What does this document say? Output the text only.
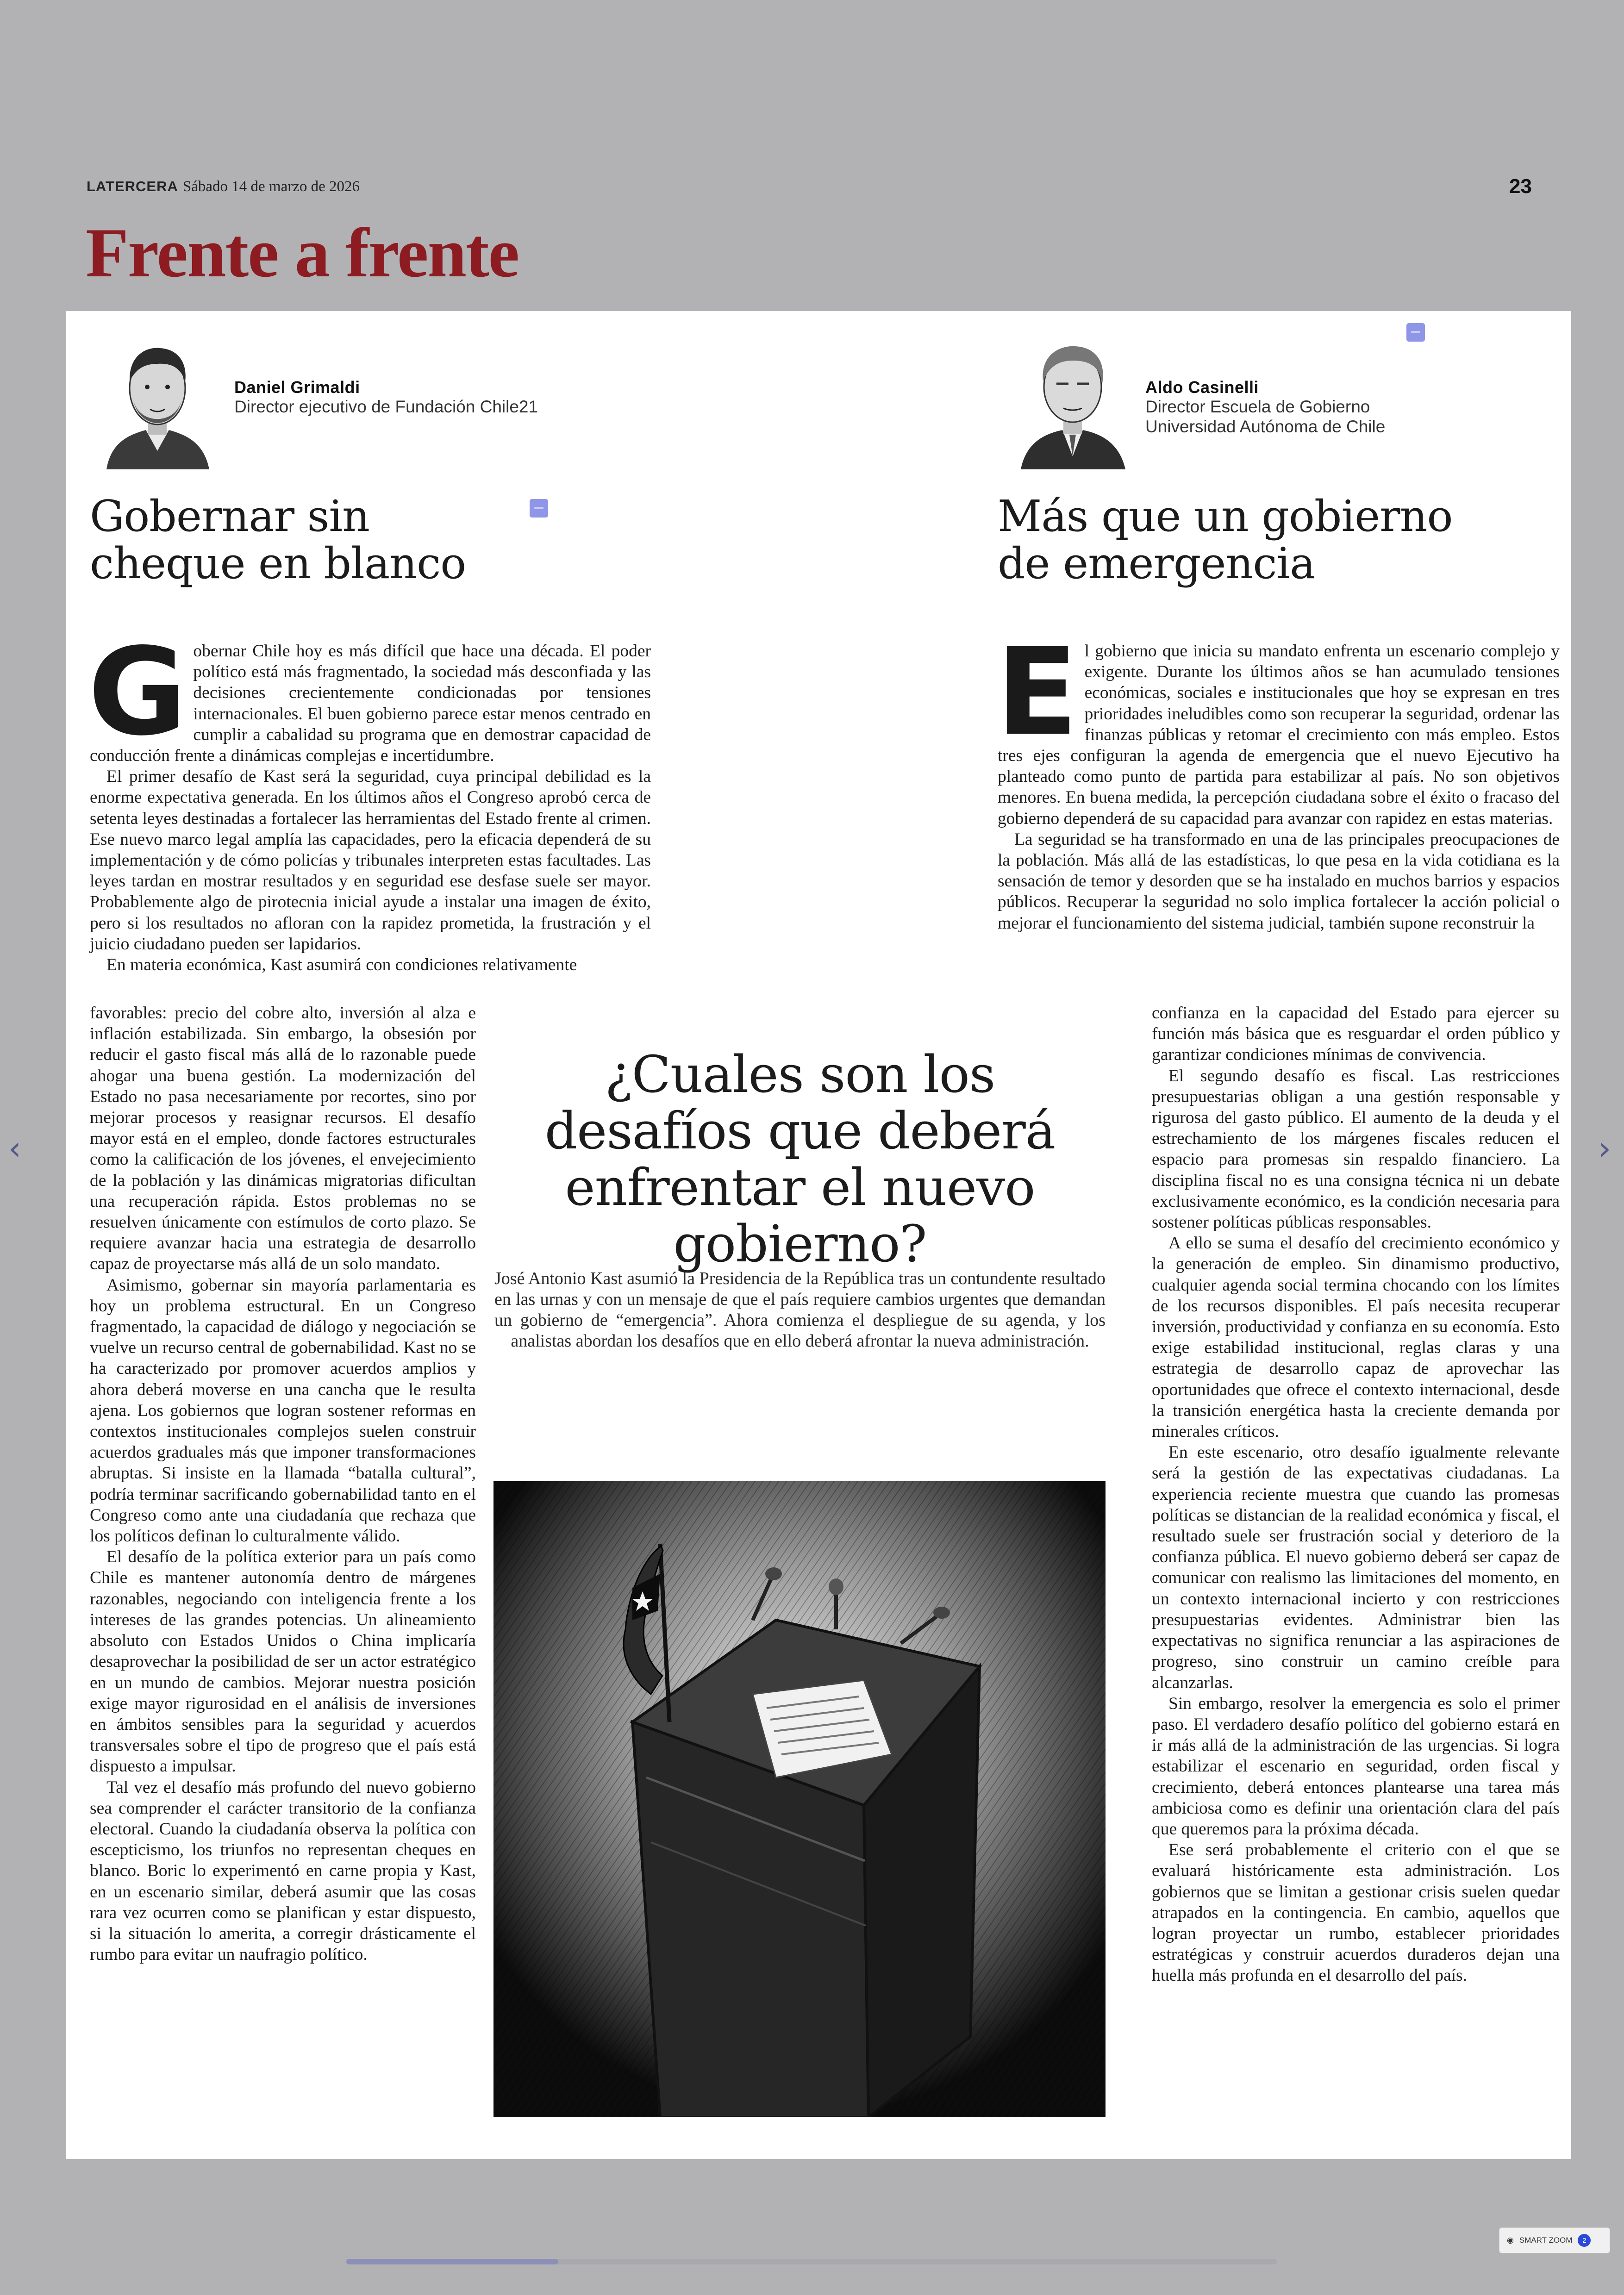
LATERCERA Sábado 14 de marzo de 2026	23
Frente a frente
Daniel Grimaldi
Director ejecutivo de Fundación Chile21
Aldo Casinelli
Director Escuela de Gobierno
Universidad Autónoma de Chile
Gobernar sin cheque en blanco
Más que un gobierno de emergencia
G obernar Chile hoy es más difícil que hace una década. El poder político está más fragmentado, la sociedad más desconfiada y las decisiones crecientemente condicionadas por tensiones internacionales. El buen gobierno parece estar menos centrado en cumplir a cabalidad su programa que en demostrar capacidad de conducción frente a dinámicas complejas e incertidumbre.

El primer desafío de Kast será la seguridad, cuya principal debilidad es la enorme expectativa generada. En los últimos años el Congreso aprobó cerca de setenta leyes destinadas a fortalecer las herramientas del Estado frente al crimen. Ese nuevo marco legal amplía las capacidades, pero la eficacia dependerá de su implementación y de cómo policías y tribunales interpreten estas facultades. Las leyes tardan en mostrar resultados y en seguridad ese desfase suele ser mayor. Probablemente algo de pirotecnia inicial ayude a instalar una imagen de éxito, pero si los resultados no afloran con la rapidez prometida, la frustración y el juicio ciudadano pueden ser lapidarios.

En materia económica, Kast asumirá con condiciones relativamente

favorables: precio del cobre alto, inversión al alza e inflación estabilizada. Sin embargo, la obsesión por reducir el gasto fiscal más allá de lo razonable puede ahogar una buena gestión. La modernización del Estado no pasa necesariamente por recortes, sino por mejorar procesos y reasignar recursos. El desafío mayor está en el empleo, donde factores estructurales como la calificación de los jóvenes, el envejecimiento de la población y las dinámicas migratorias dificultan una recuperación rápida. Estos problemas no se resuelven únicamente con estímulos de corto plazo. Se requiere avanzar hacia una estrategia de desarrollo capaz de proyectarse más allá de un solo mandato.

Asimismo, gobernar sin mayoría parlamentaria es hoy un problema estructural. En un Congreso fragmentado, la capacidad de diálogo y negociación se vuelve un recurso central de gobernabilidad. Kast no se ha caracterizado por promover acuerdos amplios y ahora deberá moverse en una cancha que le resulta ajena. Los gobiernos que logran sostener reformas en contextos institucionales complejos suelen construir acuerdos graduales más que imponer transformaciones abruptas. Si insiste en la llamada “batalla cultural”, podría terminar sacrificando gobernabilidad tanto en el Congreso como ante una ciudadanía que rechaza que los políticos definan lo culturalmente válido.

El desafío de la política exterior para un país como Chile es mantener autonomía dentro de márgenes razonables, negociando con inteligencia frente a los intereses de las grandes potencias. Un alineamiento absoluto con Estados Unidos o China implicaría desaprovechar la posibilidad de ser un actor estratégico en un mundo de cambios. Mejorar nuestra posición exige mayor rigurosidad en el análisis de inversiones en ámbitos sensibles para la seguridad y acuerdos transversales sobre el tipo de progreso que el país está dispuesto a impulsar.

Tal vez el desafío más profundo del nuevo gobierno sea comprender el carácter transitorio de la confianza electoral. Cuando la ciudadanía observa la política con escepticismo, los triunfos no representan cheques en blanco. Boric lo experimentó en carne propia y Kast, en un escenario similar, deberá asumir que las cosas rara vez ocurren como se planifican y estar dispuesto, si la situación lo amerita, a corregir drásticamente el rumbo para evitar un naufragio político.

E l gobierno que inicia su mandato enfrenta un escenario complejo y exigente. Durante los últimos años se han acumulado tensiones económicas, sociales e institucionales que hoy se expresan en tres prioridades ineludibles como son recuperar la seguridad, ordenar las finanzas públicas y retomar el crecimiento con más empleo. Estos tres ejes configuran la agenda de emergencia que el nuevo Ejecutivo ha planteado como punto de partida para estabilizar al país. No son objetivos menores. En buena medida, la percepción ciudadana sobre el éxito o fracaso del gobierno dependerá de su capacidad para avanzar con rapidez en estas materias.

La seguridad se ha transformado en una de las principales preocupaciones de la población. Más allá de las estadísticas, lo que pesa en la vida cotidiana es la sensación de temor y desorden que se ha instalado en muchos barrios y espacios públicos. Recuperar la seguridad no solo implica fortalecer la acción policial o mejorar el funcionamiento del sistema judicial, también supone reconstruir la

confianza en la capacidad del Estado para ejercer su función más básica que es resguardar el orden público y garantizar condiciones mínimas de convivencia.

El segundo desafío es fiscal. Las restricciones presupuestarias obligan a una gestión responsable y rigurosa del gasto público. El aumento de la deuda y el estrechamiento de los márgenes fiscales reducen el espacio para promesas sin respaldo financiero. La disciplina fiscal no es una consigna técnica ni un debate exclusivamente económico, es la condición necesaria para sostener políticas públicas responsables.

A ello se suma el desafío del crecimiento económico y la generación de empleo. Sin dinamismo productivo, cualquier agenda social termina chocando con los límites de los recursos disponibles. El país necesita recuperar inversión, productividad y confianza en su economía. Esto exige estabilidad institucional, reglas claras y una estrategia de desarrollo capaz de aprovechar las oportunidades que ofrece el contexto internacional, desde la transición energética hasta la creciente demanda por minerales críticos.

En este escenario, otro desafío igualmente relevante será la gestión de las expectativas ciudadanas. La experiencia reciente muestra que cuando las promesas políticas se distancian de la realidad económica y fiscal, el resultado suele ser frustración social y deterioro de la confianza pública. El nuevo gobierno deberá ser capaz de comunicar con realismo las limitaciones del momento, en un contexto internacional incierto y con restricciones presupuestarias evidentes. Administrar bien las expectativas no significa renunciar a las aspiraciones de progreso, sino construir un camino creíble para alcanzarlas.

Sin embargo, resolver la emergencia es solo el primer paso. El verdadero desafío político del gobierno estará en ir más allá de la administración de las urgencias. Si logra estabilizar el escenario en seguridad, orden fiscal y crecimiento, deberá entonces plantearse una tarea más ambiciosa como es definir una orientación clara del país que queremos para la próxima década.

Ese será probablemente el criterio con el que se evaluará históricamente esta administración. Los gobiernos que se limitan a gestionar crisis suelen quedar atrapados en la contingencia. En cambio, aquellos que logran proyectar un rumbo, establecer prioridades estratégicas y construir acuerdos duraderos dejan una huella más profunda en el desarrollo del país.

¿Cuales son los desafíos que deberá enfrentar el nuevo gobierno?
José Antonio Kast asumió la Presidencia de la República tras un contundente resultado en las urnas y con un mensaje de que el país requiere cambios urgentes que demandan un gobierno de “emergencia”. Ahora comienza el despliegue de su agenda, y los analistas abordan los desafíos que en ello deberá afrontar la nueva administración.
‹	›
◉ SMART ZOOM	2
